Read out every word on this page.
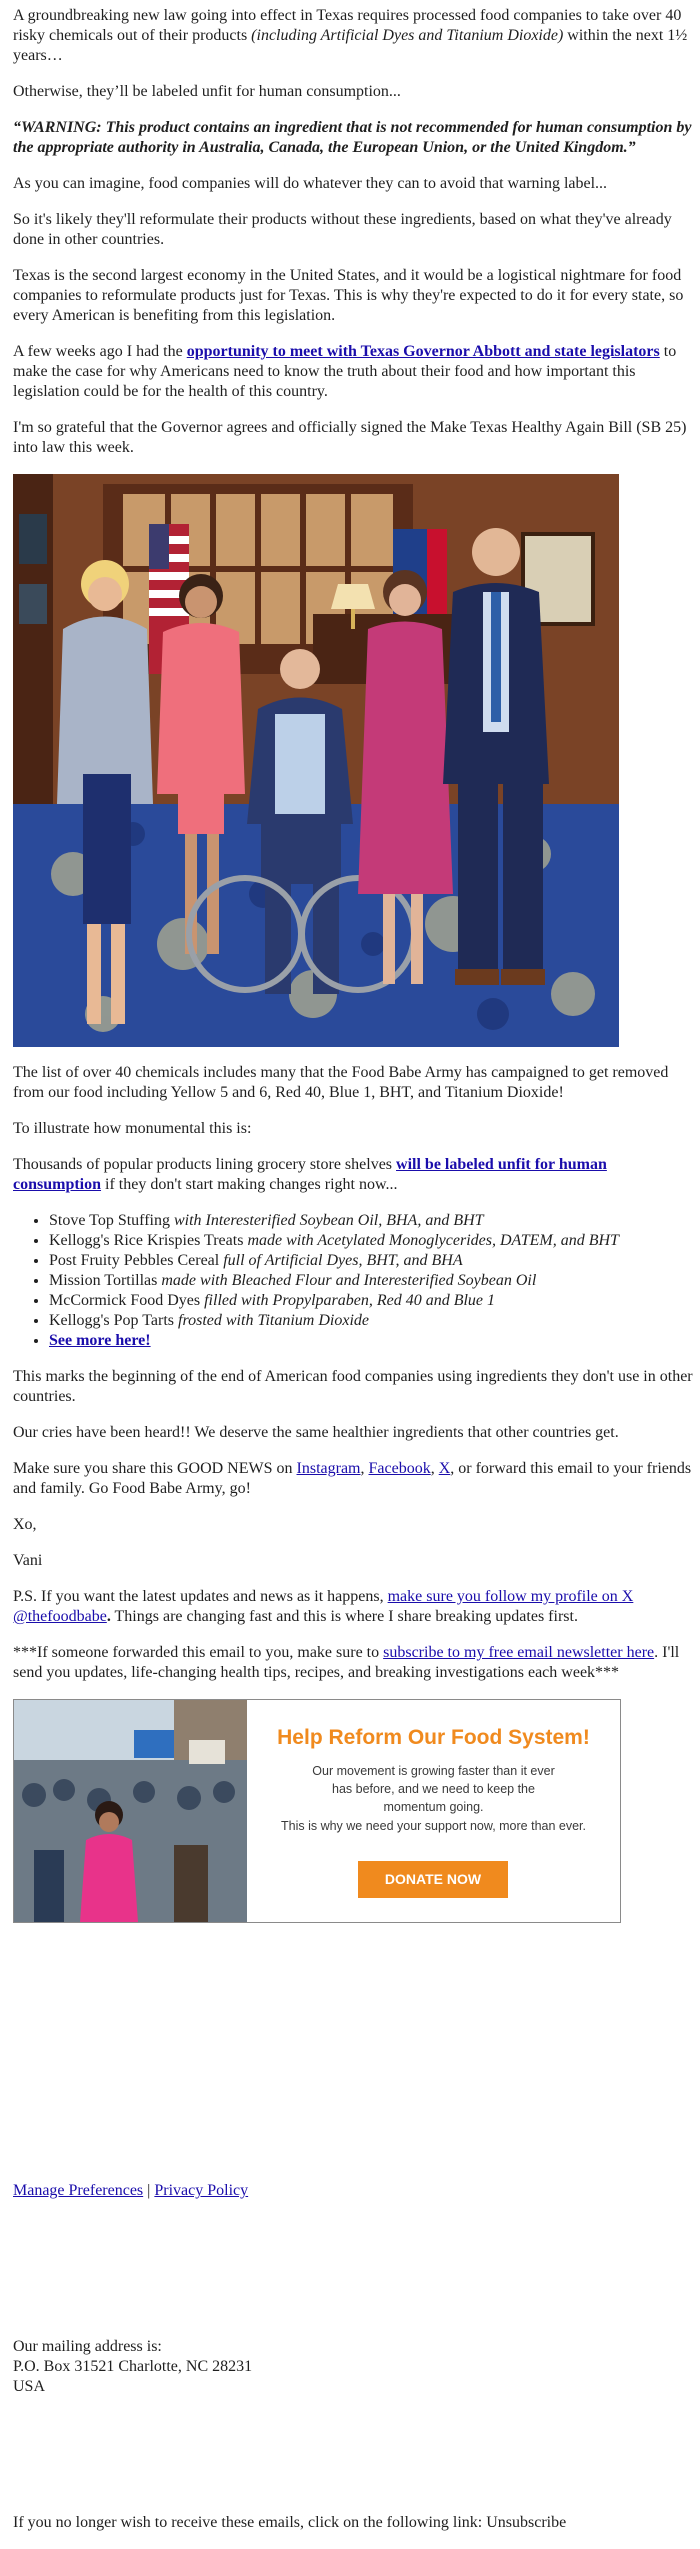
A groundbreaking new law going into effect in Texas requires processed food companies to take over 40 risky chemicals out of their products (including Artificial Dyes and Titanium Dioxide) within the next 1½ years…

Otherwise, they’ll be labeled unfit for human consumption...

“WARNING: This product contains an ingredient that is not recommended for human consumption by the appropriate authority in Australia, Canada, the European Union, or the United Kingdom.”

As you can imagine, food companies will do whatever they can to avoid that warning label...

So it's likely they'll reformulate their products without these ingredients, based on what they've already done in other countries.

Texas is the second largest economy in the United States, and it would be a logistical nightmare for food companies to reformulate products just for Texas. This is why they're expected to do it for every state, so every American is benefiting from this legislation.

A few weeks ago I had the opportunity to meet with Texas Governor Abbott and state legislators to make the case for why Americans need to know the truth about their food and how important this legislation could be for the health of this country.

I'm so grateful that the Governor agrees and officially signed the Make Texas Healthy Again Bill (SB 25) into law this week.

The list of over 40 chemicals includes many that the Food Babe Army has campaigned to get removed from our food including Yellow 5 and 6, Red 40, Blue 1, BHT, and Titanium Dioxide!

To illustrate how monumental this is:

Thousands of popular products lining grocery store shelves will be labeled unfit for human consumption if they don't start making changes right now...

• Stove Top Stuffing with Interesterified Soybean Oil, BHA, and BHT
• Kellogg's Rice Krispies Treats made with Acetylated Monoglycerides, DATEM, and BHT
• Post Fruity Pebbles Cereal full of Artificial Dyes, BHT, and BHA
• Mission Tortillas made with Bleached Flour and Interesterified Soybean Oil
• McCormick Food Dyes filled with Propylparaben, Red 40 and Blue 1
• Kellogg's Pop Tarts frosted with Titanium Dioxide
• See more here!

This marks the beginning of the end of American food companies using ingredients they don't use in other countries.

Our cries have been heard!! We deserve the same healthier ingredients that other countries get.

Make sure you share this GOOD NEWS on Instagram, Facebook, X, or forward this email to your friends and family. Go Food Babe Army, go!

Xo,

Vani

P.S. If you want the latest updates and news as it happens, make sure you follow my profile on X @thefoodbabe. Things are changing fast and this is where I share breaking updates first.

***If someone forwarded this email to you, make sure to subscribe to my free email newsletter here. I'll send you updates, life-changing health tips, recipes, and breaking investigations each week***

Help Reform Our Food System!
Our movement is growing faster than it ever has before, and we need to keep the momentum going.
This is why we need your support now, more than ever.
DONATE NOW
Manage Preferences | Privacy Policy
Our mailing address is:
P.O. Box 31521 Charlotte, NC 28231
USA
If you no longer wish to receive these emails, click on the following link: Unsubscribe
